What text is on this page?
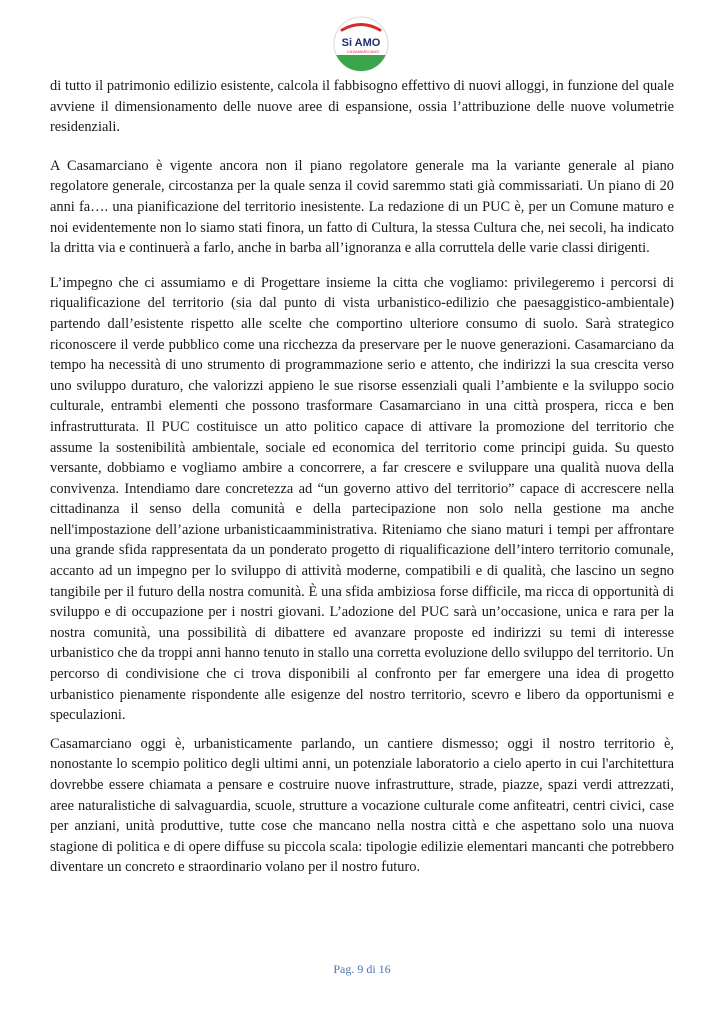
Si AMO
CASAMARCIANO

di tutto il patrimonio edilizio esistente, calcola il fabbisogno effettivo di nuovi alloggi, in funzione del quale avviene il dimensionamento delle nuove aree di espansione, ossia l’attribuzione delle nuove volumetrie residenziali.

A Casamarciano è vigente ancora non il piano regolatore generale ma la variante generale al piano regolatore generale, circostanza per la quale senza il covid saremmo stati già commissariati. Un piano di 20 anni fa…. una pianificazione del territorio inesistente. La redazione di un PUC è, per un Comune maturo e noi evidentemente non lo siamo stati finora, un fatto di Cultura, la stessa Cultura che, nei secoli, ha indicato la dritta via e continuerà a farlo, anche in barba all’ignoranza e alla corruttela delle varie classi dirigenti.

L’impegno che ci assumiamo e di Progettare insieme la citta che vogliamo: privilegeremo i percorsi di riqualificazione del territorio (sia dal punto di vista urbanistico-edilizio che paesaggistico-ambientale) partendo dall’esistente rispetto alle scelte che comportino ulteriore consumo di suolo. Sarà strategico riconoscere il verde pubblico come una ricchezza da preservare per le nuove generazioni. Casamarciano da tempo ha necessità di uno strumento di programmazione serio e attento, che indirizzi la sua crescita verso uno sviluppo duraturo, che valorizzi appieno le sue risorse essenziali quali l’ambiente e la sviluppo socio culturale, entrambi elementi che possono trasformare Casamarciano in una città prospera, ricca e ben infrastrutturata. Il PUC costituisce un atto politico capace di attivare la promozione del territorio che assume la sostenibilità ambientale, sociale ed economica del territorio come principi guida. Su questo versante, dobbiamo e vogliamo ambire a concorrere, a far crescere e sviluppare una qualità nuova della convivenza. Intendiamo dare concretezza ad “un governo attivo del territorio” capace di accrescere nella cittadinanza il senso della comunità e della partecipazione non solo nella gestione ma anche nell'impostazione dell’azione urbanisticaamministrativa. Riteniamo che siano maturi i tempi per affrontare una grande sfida rappresentata da un ponderato progetto di riqualificazione dell’intero territorio comunale, accanto ad un impegno per lo sviluppo di attività moderne, compatibili e di qualità, che lascino un segno tangibile per il futuro della nostra comunità. È una sfida ambiziosa forse difficile, ma ricca di opportunità di sviluppo e di occupazione per i nostri giovani. L’adozione del PUC sarà un’occasione, unica e rara per la nostra comunità, una possibilità di dibattere ed avanzare proposte ed indirizzi su temi di interesse urbanistico che da troppi anni hanno tenuto in stallo una corretta evoluzione dello sviluppo del territorio. Un percorso di condivisione che ci trova disponibili al confronto per far emergere una idea di progetto urbanistico pienamente rispondente alle esigenze del nostro territorio, scevro e libero da opportunismi e speculazioni.

Casamarciano oggi è, urbanisticamente parlando, un cantiere dismesso; oggi il nostro territorio è, nonostante lo scempio politico degli ultimi anni, un potenziale laboratorio a cielo aperto in cui l'architettura dovrebbe essere chiamata a pensare e costruire nuove infrastrutture, strade, piazze, spazi verdi attrezzati, aree naturalistiche di salvaguardia, scuole, strutture a vocazione culturale come anfiteatri, centri civici, case per anziani, unità produttive, tutte cose che mancano nella nostra città e che aspettano solo una nuova stagione di politica e di opere diffuse su piccola scala: tipologie edilizie elementari mancanti che potrebbero diventare un concreto e straordinario volano per il nostro futuro.

Pag. 9 di 16
